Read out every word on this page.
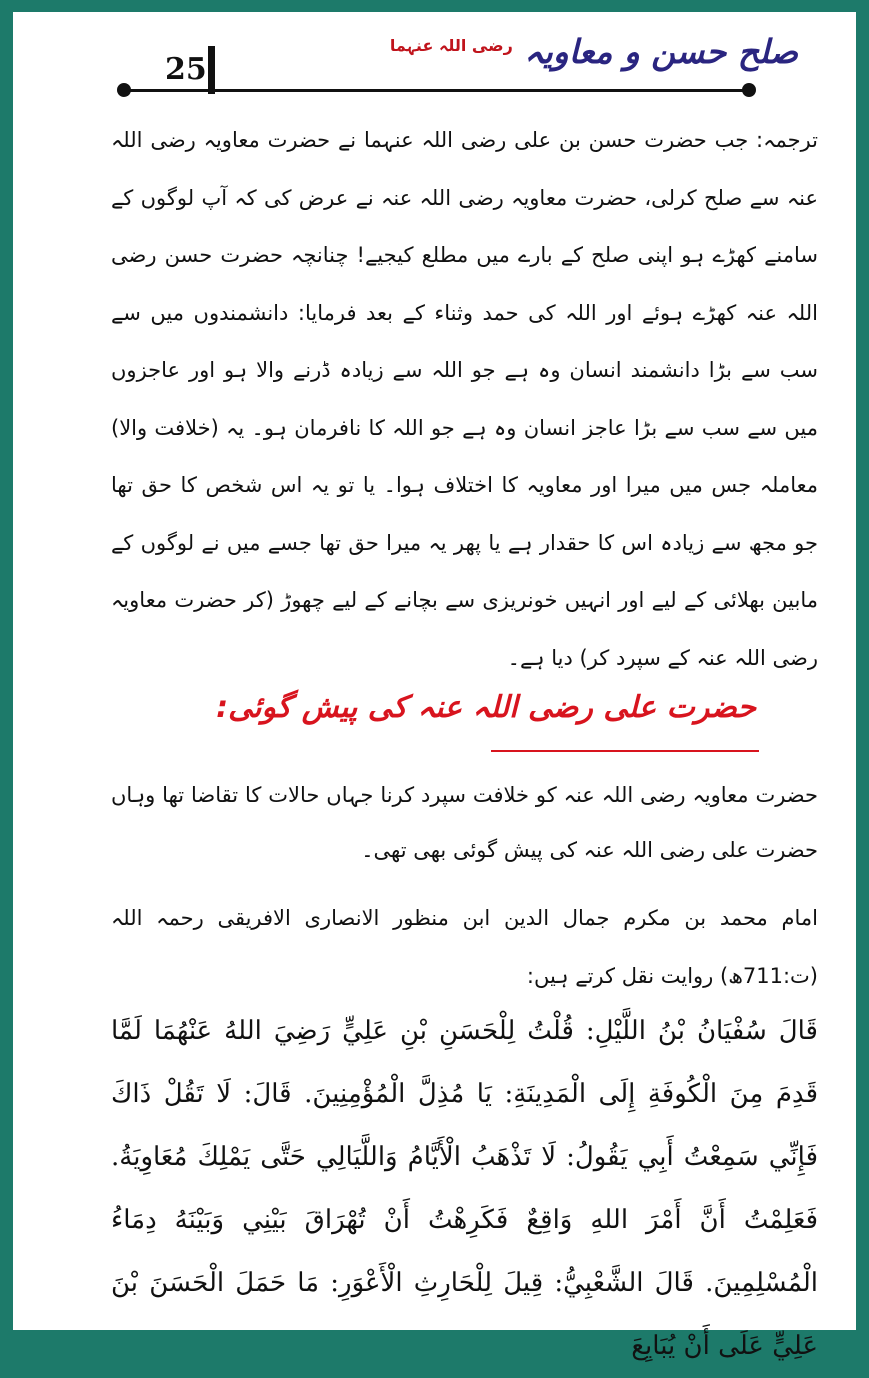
صلح حسن و معاویہ $^{رضی اللہ عنہما}$
25
ترجمہ: جب حضرت حسن بن علی رضی اللہ عنہما نے حضرت معاویہ رضی اللہ عنہ سے صلح کرلی، حضرت معاویہ رضی اللہ عنہ نے عرض کی کہ آپ لوگوں کے سامنے کھڑے ہو اپنی صلح کے بارے میں مطلع کیجیے! چنانچہ حضرت حسن رضی اللہ عنہ کھڑے ہوئے اور اللہ کی حمد وثناء کے بعد فرمایا: دانشمندوں میں سے سب سے بڑا دانشمند انسان وہ ہے جو اللہ سے زیادہ ڈرنے والا ہو اور عاجزوں میں سے سب سے بڑا عاجز انسان وہ ہے جو اللہ کا نافرمان ہو۔ یہ (خلافت والا) معاملہ جس میں میرا اور معاویہ کا اختلاف ہوا۔ یا تو یہ اس شخص کا حق تھا جو مجھ سے زیادہ اس کا حقدار ہے یا پھر یہ میرا حق تھا جسے میں نے لوگوں کے مابین بھلائی کے لیے اور انہیں خونریزی سے بچانے کے لیے چھوڑ (کر حضرت معاویہ رضی اللہ عنہ کے سپرد کر) دیا ہے۔
حضرت علی رضی اللہ عنہ کی پیش گوئی:
حضرت معاویہ رضی اللہ عنہ کو خلافت سپرد کرنا جہاں حالات کا تقاضا تھا وہاں حضرت علی رضی اللہ عنہ کی پیش گوئی بھی تھی۔
امام محمد بن مکرم جمال الدین ابن منظور الانصاری الافریقی رحمہ اللہ (ت:711ھ) روایت نقل کرتے ہیں:
قَالَ سُفْيَانُ بْنُ اللَّيْلِ: قُلْتُ لِلْحَسَنِ بْنِ عَلِيٍّ رَضِيَ اللهُ عَنْهُمَا لَمَّا قَدِمَ مِنَ الْكُوفَةِ إِلَى الْمَدِينَةِ: يَا مُذِلَّ الْمُؤْمِنِينَ. قَالَ: لَا تَقُلْ ذَاكَ فَإِنِّي سَمِعْتُ أَبِي يَقُولُ: لَا تَذْهَبُ الْأَيَّامُ وَاللَّيَالِي حَتَّى يَمْلِكَ مُعَاوِيَةُ. فَعَلِمْتُ أَنَّ أَمْرَ اللهِ وَاقِعٌ فَكَرِهْتُ أَنْ تُهْرَاقَ بَيْنِي وَبَيْنَهُ دِمَاءُ الْمُسْلِمِينَ. قَالَ الشَّعْبِيُّ: قِيلَ لِلْحَارِثِ الْأَعْوَرِ: مَا حَمَلَ الْحَسَنَ بْنَ عَلِيٍّ عَلَى أَنْ يُبَايِعَ
